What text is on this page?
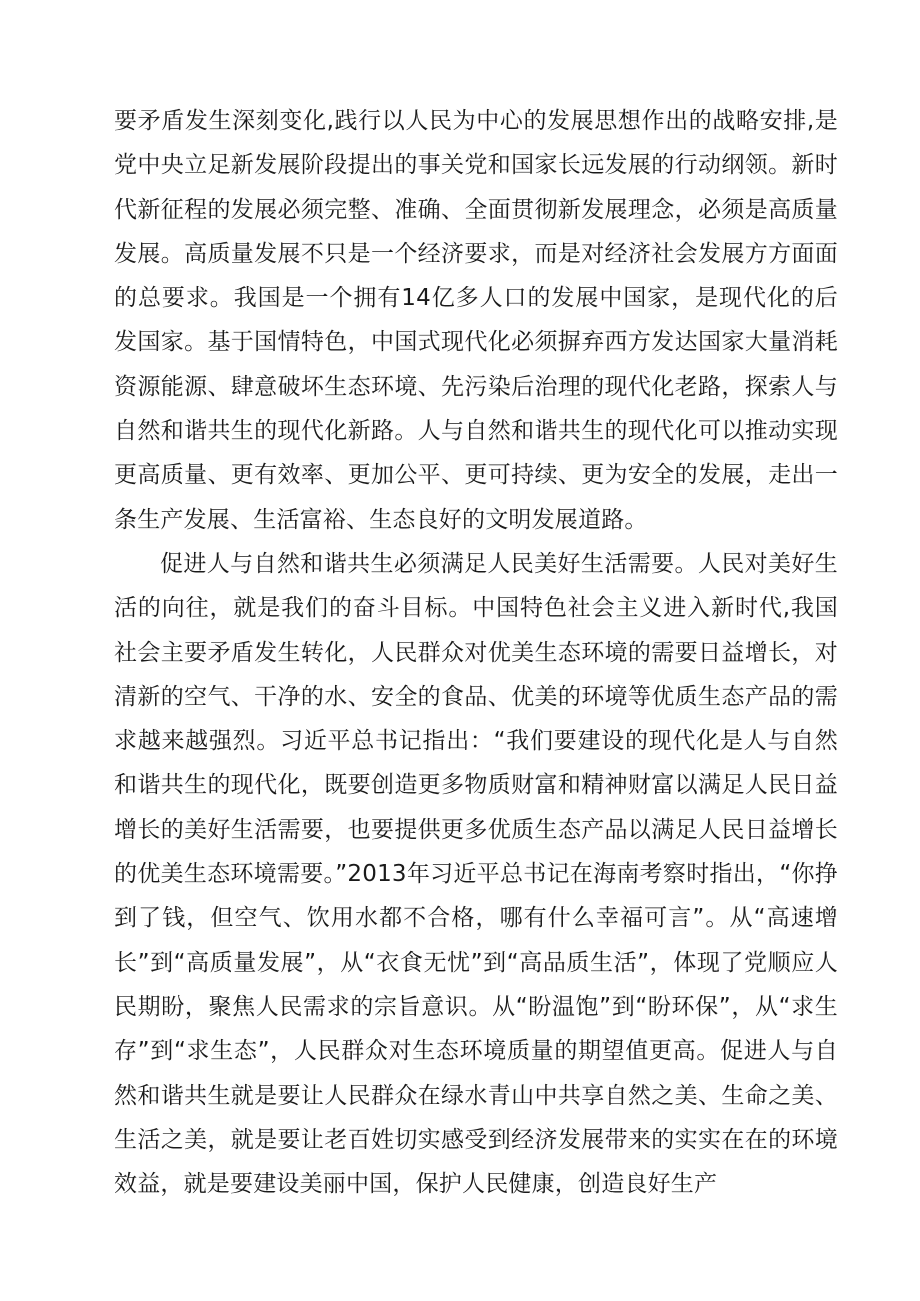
要矛盾发生深刻变化,践行以人民为中心的发展思想作出的战略安排,是党中央立足新发展阶段提出的事关党和国家长远发展的行动纲领。新时代新征程的发展必须完整、准确、全面贯彻新发展理念，必须是高质量发展。高质量发展不只是一个经济要求，而是对经济社会发展方方面面的总要求。我国是一个拥有14亿多人口的发展中国家，是现代化的后发国家。基于国情特色，中国式现代化必须摒弃西方发达国家大量消耗资源能源、肆意破坏生态环境、先污染后治理的现代化老路，探索人与自然和谐共生的现代化新路。人与自然和谐共生的现代化可以推动实现更高质量、更有效率、更加公平、更可持续、更为安全的发展，走出一条生产发展、生活富裕、生态良好的文明发展道路。

促进人与自然和谐共生必须满足人民美好生活需要。人民对美好生活的向往，就是我们的奋斗目标。中国特色社会主义进入新时代,我国社会主要矛盾发生转化，人民群众对优美生态环境的需要日益增长，对清新的空气、干净的水、安全的食品、优美的环境等优质生态产品的需求越来越强烈。习近平总书记指出：“我们要建设的现代化是人与自然和谐共生的现代化，既要创造更多物质财富和精神财富以满足人民日益增长的美好生活需要，也要提供更多优质生态产品以满足人民日益增长的优美生态环境需要。”2013年习近平总书记在海南考察时指出，“你挣到了钱，但空气、饮用水都不合格，哪有什么幸福可言”。从“高速增长”到“高质量发展”，从“衣食无忧”到“高品质生活”，体现了党顺应人民期盼，聚焦人民需求的宗旨意识。从“盼温饱”到“盼环保”，从“求生存”到“求生态”，人民群众对生态环境质量的期望值更高。促进人与自然和谐共生就是要让人民群众在绿水青山中共享自然之美、生命之美、生活之美，就是要让老百姓切实感受到经济发展带来的实实在在的环境效益，就是要建设美丽中国，保护人民健康，创造良好生产
